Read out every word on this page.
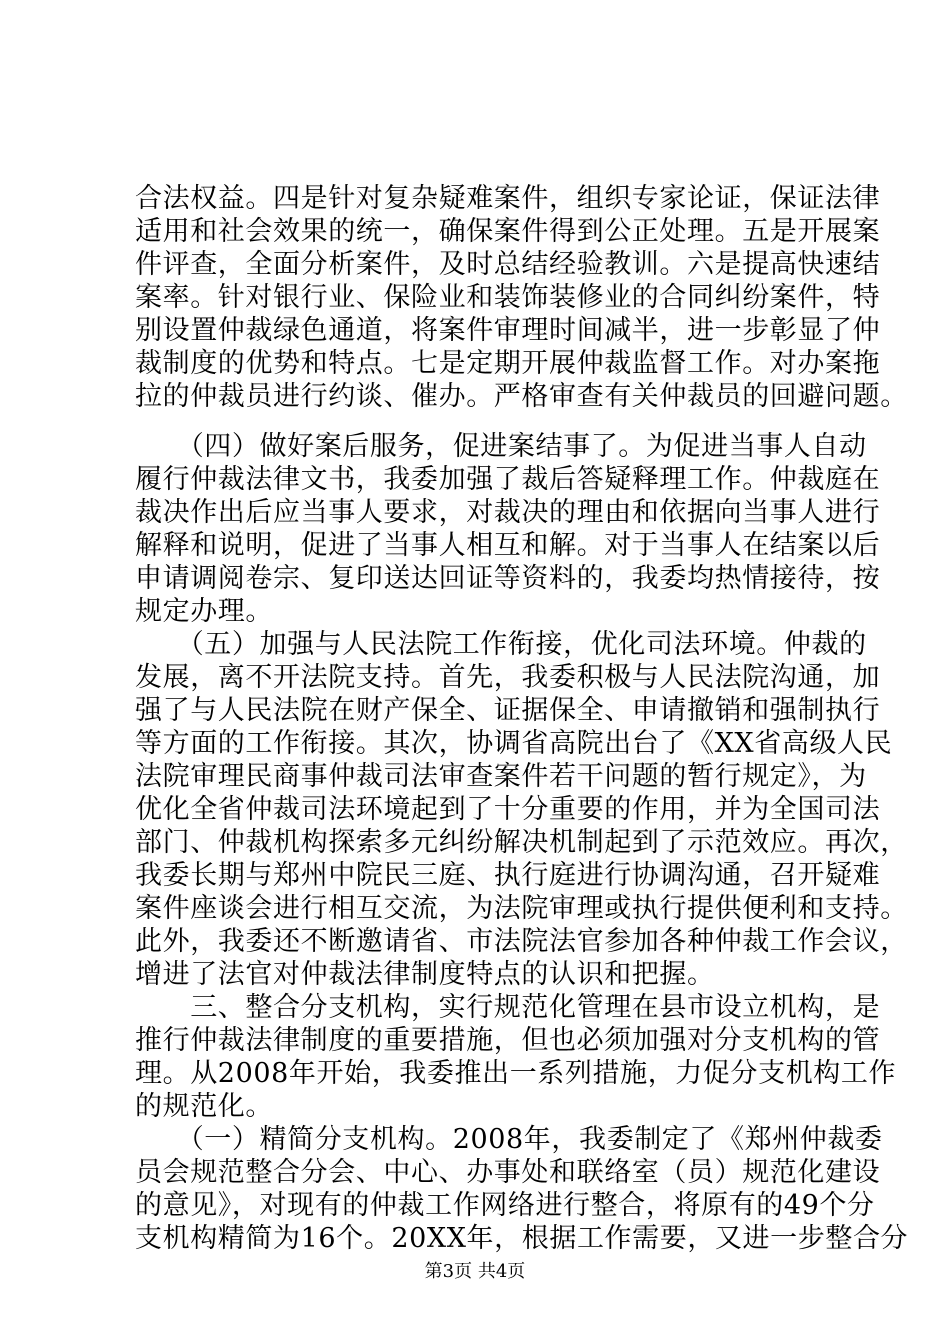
合法权益。四是针对复杂疑难案件，组织专家论证，保证法律
适用和社会效果的统一，确保案件得到公正处理。五是开展案
件评查，全面分析案件，及时总结经验教训。六是提高快速结
案率。针对银行业、保险业和装饰装修业的合同纠纷案件，特
别设置仲裁绿色通道，将案件审理时间减半，进一步彰显了仲
裁制度的优势和特点。七是定期开展仲裁监督工作。对办案拖
拉的仲裁员进行约谈、催办。严格审查有关仲裁员的回避问题。
　　（四）做好案后服务，促进案结事了。为促进当事人自动
履行仲裁法律文书，我委加强了裁后答疑释理工作。仲裁庭在
裁决作出后应当事人要求，对裁决的理由和依据向当事人进行
解释和说明，促进了当事人相互和解。对于当事人在结案以后
申请调阅卷宗、复印送达回证等资料的，我委均热情接待，按
规定办理。
　　（五）加强与人民法院工作衔接，优化司法环境。仲裁的
发展，离不开法院支持。首先，我委积极与人民法院沟通，加
强了与人民法院在财产保全、证据保全、申请撤销和强制执行
等方面的工作衔接。其次，协调省高院出台了《XX省高级人民
法院审理民商事仲裁司法审查案件若干问题的暂行规定》，为
优化全省仲裁司法环境起到了十分重要的作用，并为全国司法
部门、仲裁机构探索多元纠纷解决机制起到了示范效应。再次，
我委长期与郑州中院民三庭、执行庭进行协调沟通，召开疑难
案件座谈会进行相互交流，为法院审理或执行提供便利和支持。
此外，我委还不断邀请省、市法院法官参加各种仲裁工作会议，
增进了法官对仲裁法律制度特点的认识和把握。
　　三、整合分支机构，实行规范化管理在县市设立机构，是
推行仲裁法律制度的重要措施，但也必须加强对分支机构的管
理。从2008年开始，我委推出一系列措施，力促分支机构工作
的规范化。
　　（一）精简分支机构。2008年，我委制定了《郑州仲裁委
员会规范整合分会、中心、办事处和联络室（员）规范化建设
的意见》，对现有的仲裁工作网络进行整合，将原有的49个分
支机构精简为16个。20XX年，根据工作需要，又进一步整合分
第3页 共4页
